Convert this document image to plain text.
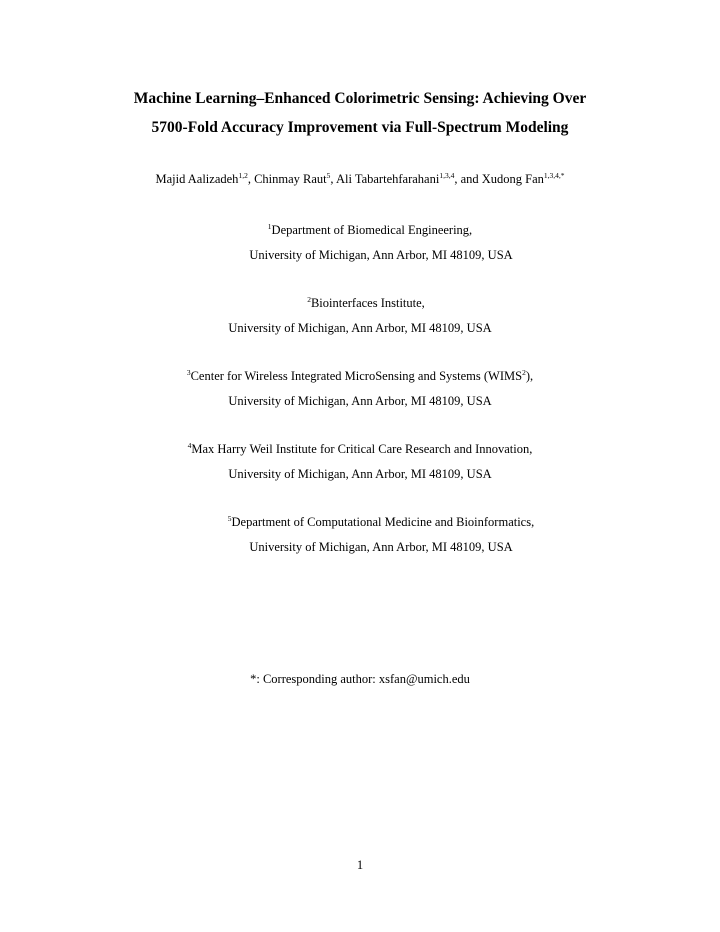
Machine Learning–Enhanced Colorimetric Sensing: Achieving Over
5700-Fold Accuracy Improvement via Full-Spectrum Modeling
Majid Aalizadeh$^{1,2}$, Chinmay Raut$^5$, Ali Tabartehfarahani$^{1,3,4}$, and Xudong Fan$^{1,3,4,*}$
$^1$Department of Biomedical Engineering,
University of Michigan, Ann Arbor, MI 48109, USA
$^2$Biointerfaces Institute,
University of Michigan, Ann Arbor, MI 48109, USA
$^3$Center for Wireless Integrated MicroSensing and Systems (WIMS$^2$),
University of Michigan, Ann Arbor, MI 48109, USA
$^4$Max Harry Weil Institute for Critical Care Research and Innovation,
University of Michigan, Ann Arbor, MI 48109, USA
$^5$Department of Computational Medicine and Bioinformatics,
University of Michigan, Ann Arbor, MI 48109, USA
*: Corresponding author: xsfan@umich.edu
1
